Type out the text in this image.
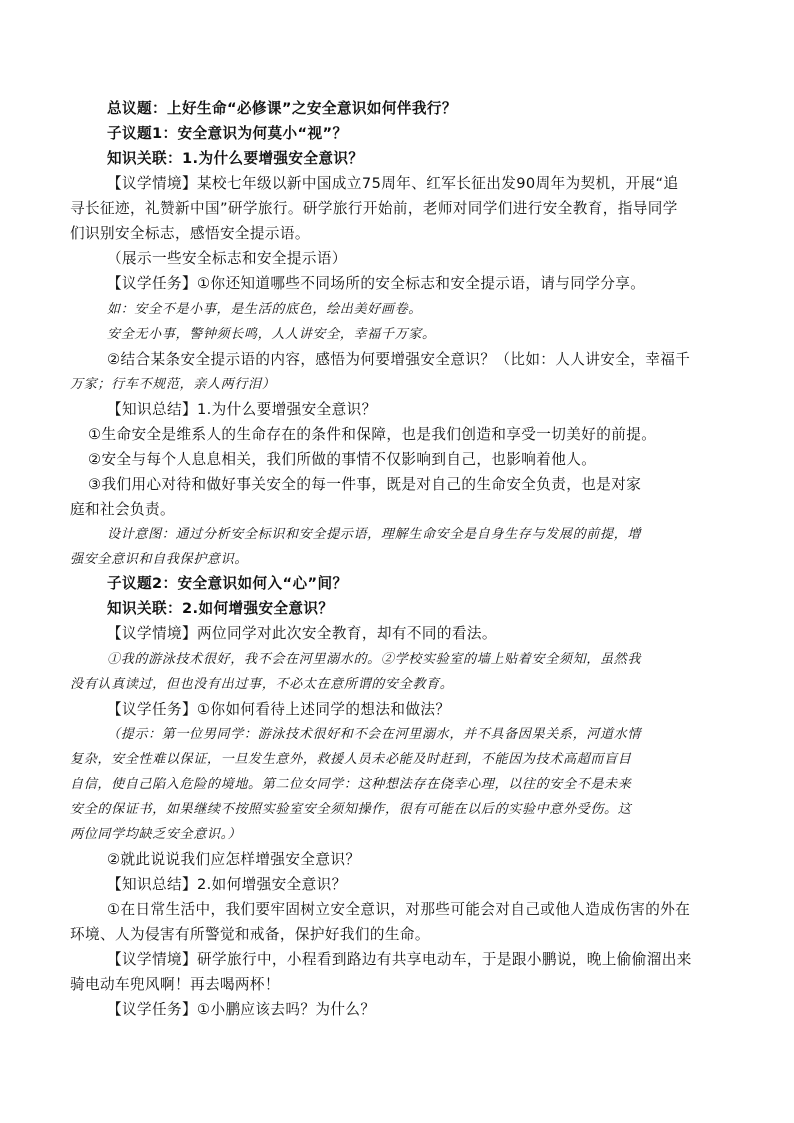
总议题：上好生命“必修课”之安全意识如何伴我行？
子议题1：安全意识为何莫小“视”？
知识关联：1.为什么要增强安全意识？
【议学情境】某校七年级以新中国成立75周年、红军长征出发90周年为契机，开展“追
寻长征迹，礼赞新中国”研学旅行。研学旅行开始前，老师对同学们进行安全教育，指导同学
们识别安全标志，感悟安全提示语。
（展示一些安全标志和安全提示语）
【议学任务】①你还知道哪些不同场所的安全标志和安全提示语，请与同学分享。
如：安全不是小事，是生活的底色，绘出美好画卷。
安全无小事，警钟须长鸣，人人讲安全，幸福千万家。
②结合某条安全提示语的内容，感悟为何要增强安全意识？（比如：人人讲安全，幸福千
万家；行车不规范，亲人两行泪）
【知识总结】1.为什么要增强安全意识？
①生命安全是维系人的生命存在的条件和保障，也是我们创造和享受一切美好的前提。
②安全与每个人息息相关，我们所做的事情不仅影响到自己，也影响着他人。
③我们用心对待和做好事关安全的每一件事，既是对自己的生命安全负责，也是对家
庭和社会负责。
设计意图：通过分析安全标识和安全提示语，理解生命安全是自身生存与发展的前提，增
强安全意识和自我保护意识。
子议题2：安全意识如何入“心”间？
知识关联：2.如何增强安全意识？
【议学情境】两位同学对此次安全教育，却有不同的看法。
①我的游泳技术很好，我不会在河里溺水的。②学校实验室的墙上贴着安全须知，虽然我
没有认真读过，但也没有出过事，不必太在意所谓的安全教育。
【议学任务】①你如何看待上述同学的想法和做法？
（提示：第一位男同学：游泳技术很好和不会在河里溺水，并不具备因果关系，河道水情
复杂，安全性难以保证，一旦发生意外，救援人员未必能及时赶到，不能因为技术高超而盲目
自信，使自己陷入危险的境地。第二位女同学：这种想法存在侥幸心理，以往的安全不是未来
安全的保证书，如果继续不按照实验室安全须知操作，很有可能在以后的实验中意外受伤。这
两位同学均缺乏安全意识。）
②就此说说我们应怎样增强安全意识？
【知识总结】2.如何增强安全意识？
①在日常生活中，我们要牢固树立安全意识，对那些可能会对自己或他人造成伤害的外在
环境、人为侵害有所警觉和戒备，保护好我们的生命。
【议学情境】研学旅行中，小程看到路边有共享电动车，于是跟小鹏说，晚上偷偷溜出来
骑电动车兜风啊！再去喝两杯！
【议学任务】①小鹏应该去吗？为什么？
